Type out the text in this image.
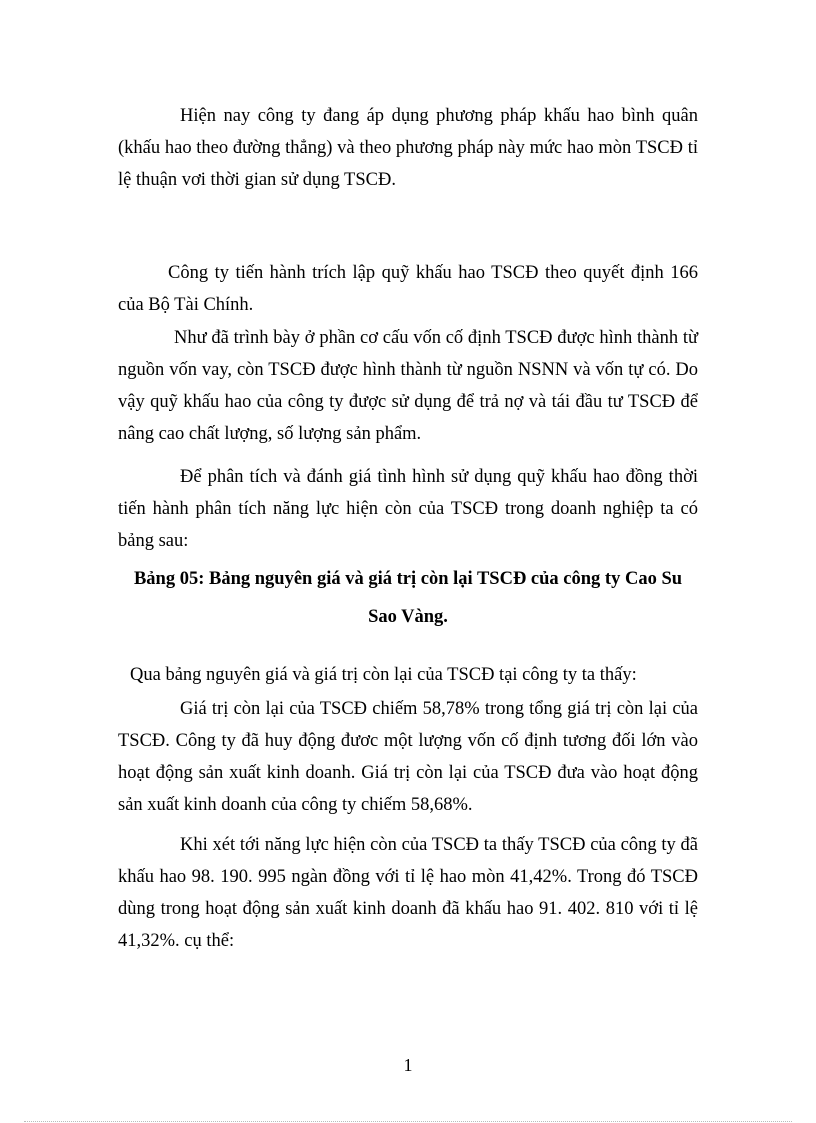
Hiện nay công ty đang áp dụng phương pháp khấu hao bình quân (khấu hao theo đường thẳng) và theo phương pháp này mức hao mòn TSCĐ tỉ lệ thuận vơi thời gian sử dụng TSCĐ.

Công ty tiến hành trích lập quỹ khấu hao TSCĐ theo quyết định 166 của Bộ Tài Chính.

Như đã trình bày ở phần cơ cấu vốn cố định TSCĐ được hình thành từ nguồn vốn vay, còn TSCĐ được hình thành từ nguồn NSNN và vốn tự có. Do vậy quỹ khấu hao của công ty được sử dụng để trả nợ và tái đầu tư TSCĐ để nâng cao chất lượng, số lượng sản phẩm.

Để phân tích và đánh giá tình hình sử dụng quỹ khấu hao đồng thời tiến hành phân tích năng lực hiện còn của TSCĐ trong doanh nghiệp ta có bảng sau:

Bảng 05: Bảng nguyên giá và giá trị còn lại TSCĐ của công ty Cao Su Sao Vàng.

Qua bảng nguyên giá và giá trị còn lại của TSCĐ tại công ty ta thấy:

Giá trị còn lại của TSCĐ chiếm 58,78% trong tổng giá trị còn lại của TSCĐ. Công ty đã huy động đươc một lượng vốn cố định tương đối lớn vào hoạt động sản xuất kinh doanh. Giá trị còn lại của TSCĐ đưa vào hoạt động sản xuất kinh doanh của công ty chiếm 58,68%.

Khi xét tới năng lực hiện còn của TSCĐ ta thấy TSCĐ của công ty đã khấu hao 98. 190. 995 ngàn đồng với tỉ lệ hao mòn 41,42%. Trong đó TSCĐ dùng trong hoạt động sản xuất kinh doanh đã khấu hao 91. 402. 810 với tỉ lệ 41,32%. cụ thể:

1
